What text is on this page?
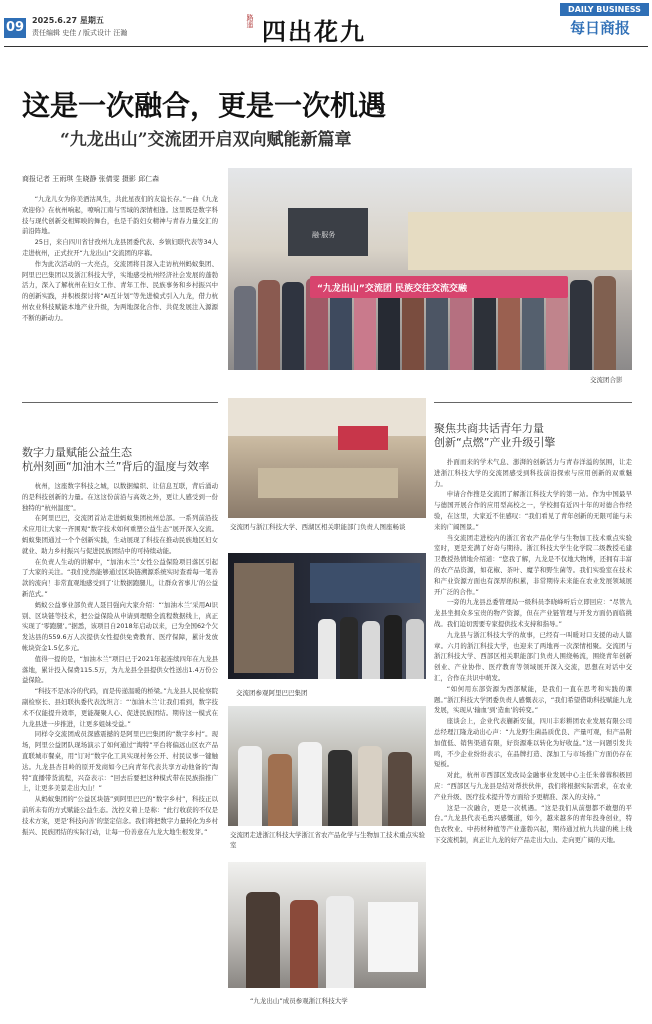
09 2025.6.27 星期五
责任编辑 史佳 / 版式设计 汪瀚
路遥 四出花九
DAILY BUSINESS
每日商报
这是一次融合，更是一次机遇
“九龙出山”交流团开启双向赋能新篇章
商报记者 王雨琪 生晓静 张倩雯 摄影 邱仁森

“九龙儿女为你美酒沽风生，共此星夜们的友谊长存。”一曲《九龙欢迎你》在杭州响起，嘹响江南与雪域的深情相逢。这里既是数字科技与现代创新交相辉映的舞台，也是千韵妇女精神与青春力量交汇的前沿阵地。

25日，来自四川省甘孜州九龙县团委代表、乡镇妇联代表等34人走进杭州，正式拉开“九龙出山”交流团的序幕。

作为此次活动的一大亮点，交流团将目深入走访杭州蚂蚁集团、阿里巴巴集团以及浙江科技大学，实地感受杭州经济社会发展的蓬勃活力，深入了解杭州在妇女工作、青年工作、民族事务和乡村振兴中的创新实践，并积极探讨将“AI互计划”等先进模式引入九龙，借力杭州农业科技赋能本地产业升级，为两地深化合作、共促发展注入源源不断的新动力。

数字力量赋能公益生态
杭州刻画“加油木兰”背后的温度与效率

杭州，这座数字科技之城，以数据编织、让信息互联，背后涌动的是科技创新的力量。在这这份前沿与高效之外，更让人感受到一份独特的“杭州温度”。

在阿里巴巴，交流团首站走进蚂蚁集团杭州总部。一系列前沿技术应用让大家一齐围观“数字技术如何重塑公益生态”展开深入交流。蚂蚁集团通过一个个创新实践，生动展现了科技在推动民族地区妇女就业、助力乡村振兴与促进民族团结中的可持续动能。

在负责人生动的讲解中，“加油木兰”女性公益保险项目落区引起了大家的关注。“我们党然能够通过区块链溯源系统实时查看每一笔善款的流向！非常直观地感受到了‘让数据跑腿儿，让群众省事儿’的公益新范式。”

蚂蚁公益事业部负责人聂目强向大家介绍：“‘加油木兰’采用AI识别、区块链等技术，把公益保险从申请到理赔全流程数据线上，真正实现了‘零跑腿’。”据悉，该项目自2018年启动以来，已为全国62个欠发达县的559.6万人次提供女性提供免费教育、医疗保障，累计发放帐块资金1.5亿多元。

值得一提的是，“加油木兰”项目已于2021年起连续四年在九龙县落地，累计投入保费115.5万，为九龙县全县提供女性送出1.4万份公益保险。

“科技不是冰冷的代码，而是传递温暖的桥梁。”九龙县人民检察院副检察长、县妇联执委代表沈坦言：“‘加油木兰’让我们看到，数字技术不仅能提升效率，更能凝聚人心、促进民族团结。期待这一模式在九龙县进一步推进，让更多姐妹受益。”

同样令交流团成员深感震撼的是阿里巴巴集团的“数字乡村”。现场，阿里公益团队现场演示了如何通过“淘特”平台将偏远山区农产品直联城市餐桌，用“订对”数字化工具实现村务公开、村民议事一键触达。九龙县杏目岭的原开发商如今已向青年代表共享方动他备的“淘特”直播带货流程，兴奋表示：“回去后要把这种模式带在民族指推广上，让更多美景走出大山！”

从蚂蚁集团的“公益区块链”到阿里巴巴的“数字乡村”，科技正以前所未有的方式赋能公益生态。沈控义着上是称：“此行收获的不仅是技术方案，更是‘科技向善’的坚定信念。我们将把数字力量转化为乡村振兴、民族团结的实际行动，让每一份善意在九龙大地生根发芽。”

融·服务
“九龙出山”交流团 民族交往交流交融
交流团合影
交流团与浙江科技大学、西湖区相关职能部门负责人图座畅谈
交流团参观阿里巴巴集团
交流团走进浙江科技大学浙江省农产品化学与生物加工技术重点实验室
“九龙出山”成员参观浙江科技大学
聚焦共商共话青年力量
创新“点燃”产业升级引擎

扑面而来的学术气息、澎湃的创新活力与青春洋溢的氛围，让走进浙江科技大学的交流团感受到科技前沿探索与应用创新的双重魅力。

申请合作搜是交流团了解浙江科技大学的第一站。作为中国最早与德国开展合作的应用型高校之一，学校拥有近四十年的对德合作经验，在这里，大家近不住感叹：“我们看见了青年创新的无限可能与未来的广阔图景。”

当交流团走进校内的浙江省农产品化学与生物加工技术重点实验室时，更是充满了好奇与期待。浙江科技大学生化学院二级教授毛建卫教授热情地介绍道：“您我了解，九龙是不仅地大物博，还拥有丰富的农产品资源，如花椒、茶叶、魔芋和野生菌等。我们实验室在技术和产业资源方面也有深厚的积累，非常期待未来能在农业发展领域展开广泛的合作。”

一旁的九龙县总委管理局一级科员李晓峰听后立即回应：“尽管九龙县坐拥众多宝贵的物产资源，但在产业链管理与开发方面仍面临挑战。我们迫切需要专家提供技术支持和指导。”

九龙县与浙江科技大学的故事，已经有一叫暖对口支援的动人篇章。六月的浙江科技大学，也迎来了两地再一次深情相聚。交流团与浙江科技大学、西部区相关职能部门负责人围绕畅流，围绕青年创新创业、产业协作、医疗教育等领域展开深入交流，思想在对话中交汇，合作在共识中萌发。

“如何用东部资源为西部赋能，是我们一直在思考和实践的课题。”浙江科技大学团委负责人感慨表示，“我们希望借助科技赋能九龙发展，实现从‘输血’到‘造血’的转变。”

座谈会上，企业代表蒯新安鼠，四川丰彩耕团农业发展有限公司总经理江隆龙动出心声：“九龙野生菌品质优良、产量可观，但产品附加值低、销售渠道有限，好资源难以转化为好收益。”这一问题引发共鸣，不少企业纷纷表示，在品牌打造、深加工与市场推广方面仍存在短板。

对此，杭州市西部区发改局金融事业发展中心主任朱蓉蓉积极回应：“西部区与九龙县是结对帮扶伙伴，我们将根据实际需求，在农业产业升级、医疗技术提升等方面给予更精准、深入的支持。”

这是一次融合，更是一次机遇。“这是我们从前想都不敢想的平台。”九龙县代表毛勇兴感慨道，如今，越来越多的青年投身创业，特色农牧业、中药材种植等产业蓬勃兴起，期待通过杭九共建的桃上线下交流机制，真正让九龙的好产品走出大山、走向更广阔的天地。
